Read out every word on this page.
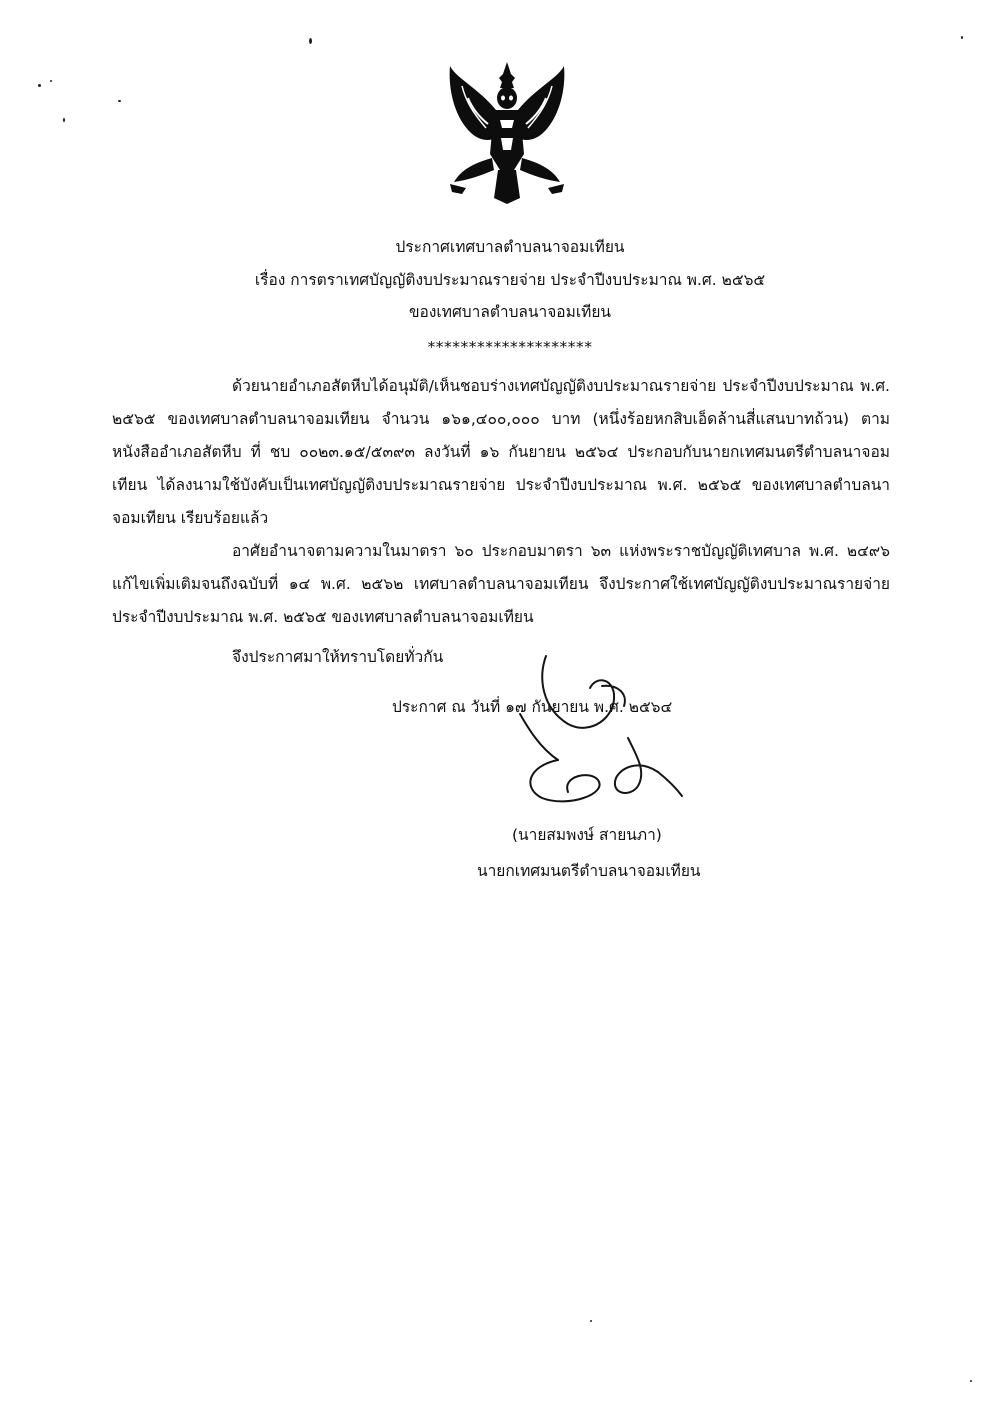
ประกาศเทศบาลตำบลนาจอมเทียน
เรื่อง การตราเทศบัญญัติงบประมาณรายจ่าย ประจำปีงบประมาณ พ.ศ. ๒๕๖๕
ของเทศบาลตำบลนาจอมเทียน
********************
ด้วยนายอำเภอสัตหีบได้อนุมัติ/เห็นชอบร่างเทศบัญญัติงบประมาณรายจ่าย ประจำปีงบประมาณ พ.ศ. ๒๕๖๕ ของเทศบาลตำบลนาจอมเทียน จำนวน ๑๖๑,๔๐๐,๐๐๐ บาท (หนึ่งร้อยหกสิบเอ็ดล้านสี่แสนบาทถ้วน) ตามหนังสืออำเภอสัตหีบ ที่ ชบ ๐๐๒๓.๑๕/๕๓๙๓ ลงวันที่ ๑๖ กันยายน ๒๕๖๔ ประกอบกับนายกเทศมนตรีตำบลนาจอมเทียน ได้ลงนามใช้บังคับเป็นเทศบัญญัติงบประมาณรายจ่าย ประจำปีงบประมาณ พ.ศ. ๒๕๖๕ ของเทศบาลตำบลนาจอมเทียน เรียบร้อยแล้ว
อาศัยอำนาจตามความในมาตรา ๖๐ ประกอบมาตรา ๖๓ แห่งพระราชบัญญัติเทศบาล พ.ศ. ๒๔๙๖ แก้ไขเพิ่มเติมจนถึงฉบับที่ ๑๔ พ.ศ. ๒๕๖๒ เทศบาลตำบลนาจอมเทียน จึงประกาศใช้เทศบัญญัติงบประมาณรายจ่าย ประจำปีงบประมาณ พ.ศ. ๒๕๖๕ ของเทศบาลตำบลนาจอมเทียน
จึงประกาศมาให้ทราบโดยทั่วกัน
ประกาศ ณ วันที่ ๑๗ กันยายน พ.ศ. ๒๕๖๔
(นายสมพงษ์ สายนภา)
นายกเทศมนตรีตำบลนาจอมเทียน
